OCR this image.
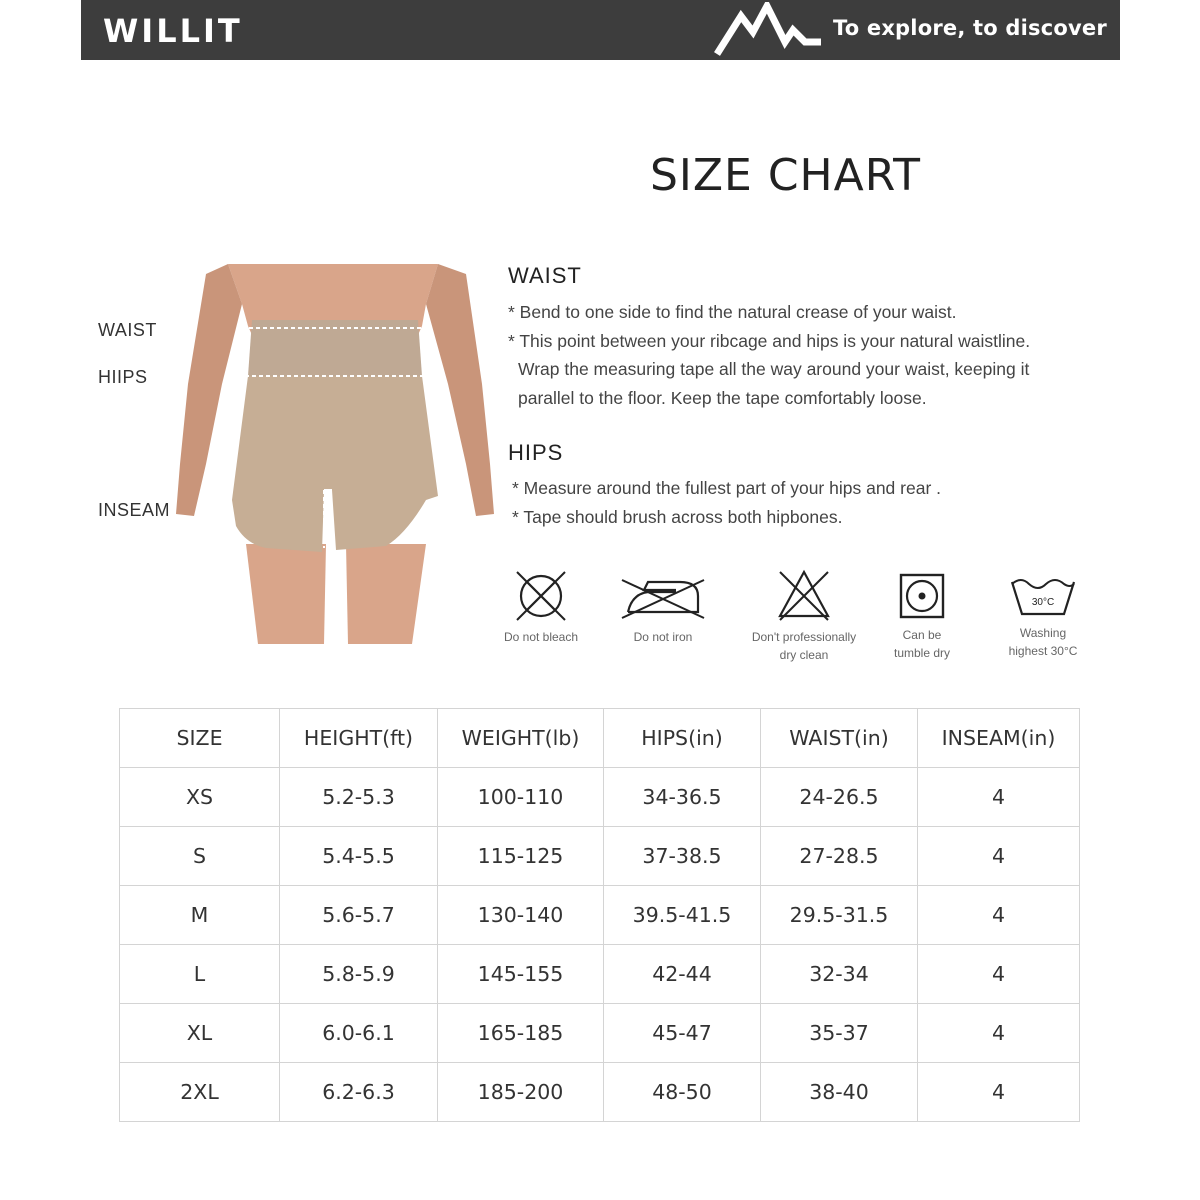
WILLIT	To explore, to discover
SIZE CHART
WAIST
HIIPS
INSEAM
WAIST

* Bend to one side to find the natural crease of your waist.

* This point between your ribcage and hips is your natural waistline.

Wrap the measuring tape all the way around your waist, keeping it

parallel to the floor. Keep the tape comfortably loose.

HIPS

* Measure around the fullest part of your hips and rear .

* Tape should brush across both hipbones.

Do not bleach	Do not iron	Don't professionally
dry clean
Can be
tumble dry
30°C
Washing
highest 30°C
SIZE	HEIGHT(ft)	WEIGHT(lb)	HIPS(in)	WAIST(in)	INSEAM(in)
XS	5.2-5.3	100-110	34-36.5	24-26.5	4
S	5.4-5.5	115-125	37-38.5	27-28.5	4
M	5.6-5.7	130-140	39.5-41.5	29.5-31.5	4
L	5.8-5.9	145-155	42-44	32-34	4
XL	6.0-6.1	165-185	45-47	35-37	4
2XL	6.2-6.3	185-200	48-50	38-40	4
